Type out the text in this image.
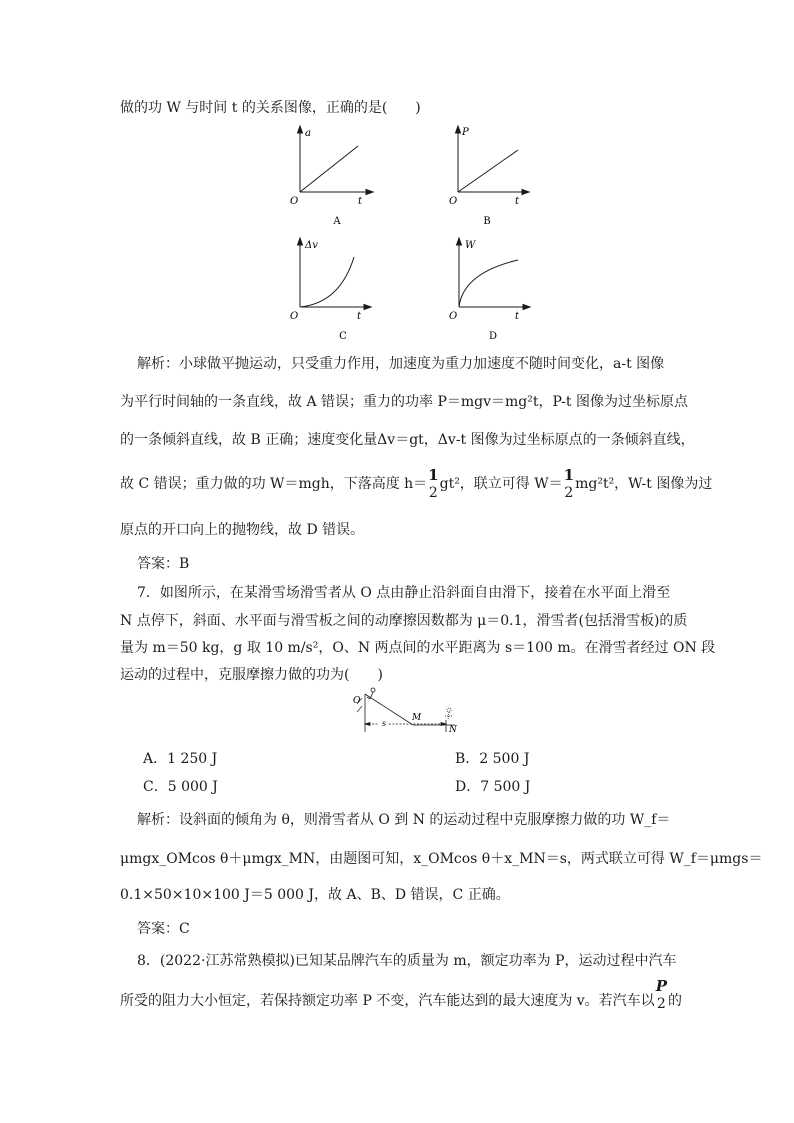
做的功 W 与时间 t 的关系图像，正确的是(　　)
a
O	t
A
P
O	t
B
Δv
O	t
C
W
O	t
D
解析：小球做平抛运动，只受重力作用，加速度为重力加速度不随时间变化，a-t 图像
为平行时间轴的一条直线，故 A 错误；重力的功率 P＝mgv＝mg²t，P-t 图像为过坐标原点
的一条倾斜直线，故 B 正确；速度变化量Δv＝gt，Δv-t 图像为过坐标原点的一条倾斜直线，
故 C 错误；重力做的功 W＝mgh，下落高度 h＝ 1
2
gt²，联立可得 W＝ 1
2
mg²t²，W-t 图像为过
原点的开口向上的抛物线，故 D 错误。
答案：B
7．如图所示，在某滑雪场滑雪者从 O 点由静止沿斜面自由滑下，接着在水平面上滑至
N 点停下，斜面、水平面与滑雪板之间的动摩擦因数都为 μ＝0.1，滑雪者(包括滑雪板)的质
量为 m＝50 kg，g 取 10 m/s²，O、N 两点间的水平距离为 s＝100 m。在滑雪者经过 ON 段
运动的过程中，克服摩擦力做的功为(　　)
O
M
N
s
A．1 250 J	B．2 500 J
C．5 000 J	D．7 500 J
解析：设斜面的倾角为 θ，则滑雪者从 O 到 N 的运动过程中克服摩擦力做的功 W_f＝
μmgx_OMcos θ＋μmgx_MN，由题图可知，x_OMcos θ＋x_MN＝s，两式联立可得 W_f＝μmgs＝
0.1×50×10×100 J＝5 000 J，故 A、B、D 错误，C 正确。
答案：C
8．(2022·江苏常熟模拟)已知某品牌汽车的质量为 m，额定功率为 P，运动过程中汽车
所受的阻力大小恒定，若保持额定功率 P 不变，汽车能达到的最大速度为 v。若汽车以
P
2 的
